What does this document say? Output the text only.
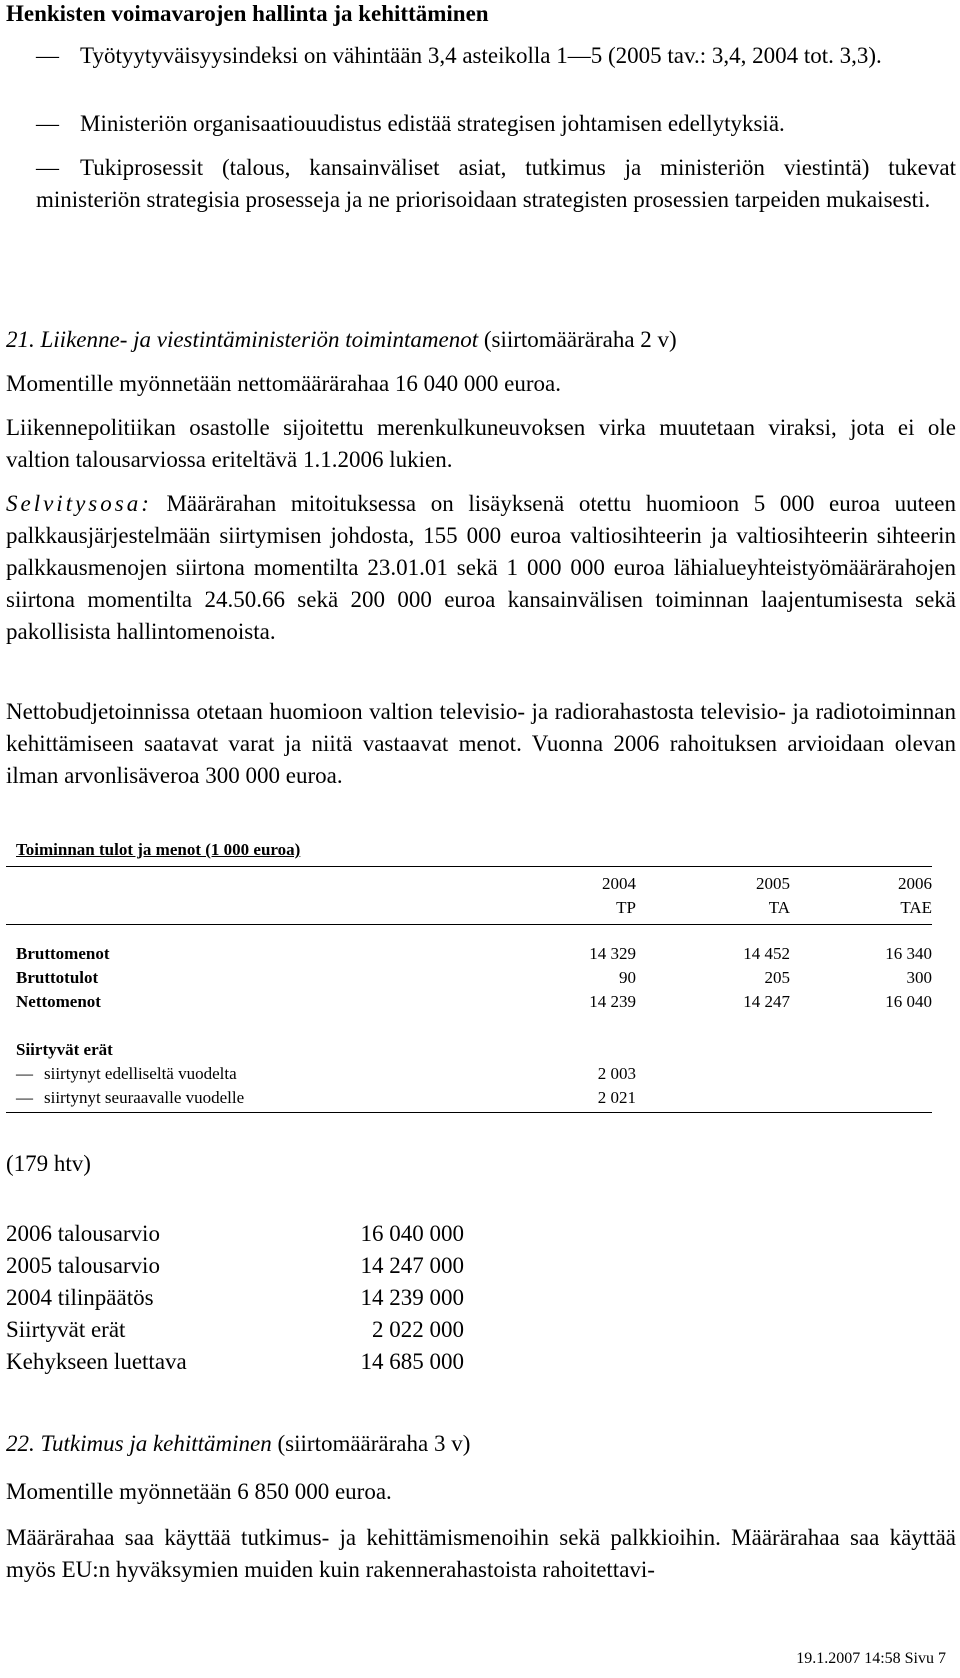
Henkisten voimavarojen hallinta ja kehittäminen

— Työtyytyväisyysindeksi on vähintään 3,4 asteikolla 1—5 (2005 tav.: 3,4, 2004 tot. 3,3).

— Ministeriön organisaatiouudistus edistää strategisen johtamisen edellytyksiä.

— Tukiprosessit (talous, kansainväliset asiat, tutkimus ja ministeriön viestintä) tukevat ministeriön strategisia prosesseja ja ne priorisoidaan strategisten prosessien tarpeiden mukaisesti.

21. Liikenne- ja viestintäministeriön toimintamenot (siirtomääräraha 2 v)

Momentille myönnetään nettomäärärahaa 16 040 000 euroa.

Liikennepolitiikan osastolle sijoitettu merenkulkuneuvoksen virka muutetaan viraksi, jota ei ole valtion talousarviossa eriteltävä 1.1.2006 lukien.

Selvitysosa: Määrärahan mitoituksessa on lisäyksenä otettu huomioon 5 000 euroa uuteen palkkausjärjestelmään siirtymisen johdosta, 155 000 euroa valtiosihteerin ja valtiosihteerin sihteerin palkkausmenojen siirtona momentilta 23.01.01 sekä 1 000 000 euroa lähialueyhteistyömäärärahojen siirtona momentilta 24.50.66 sekä 200 000 euroa kansainvälisen toiminnan laajentumisesta sekä pakollisista hallintomenoista.

Nettobudjetoinnissa otetaan huomioon valtion televisio- ja radiorahastosta televisio- ja radiotoiminnan kehittämiseen saatavat varat ja niitä vastaavat menot. Vuonna 2006 rahoituksen arvioidaan olevan ilman arvonlisäveroa 300 000 euroa.

Toiminnan tulot ja menot (1 000 euroa)
2004	2005	2006
TP	TA	TAE
Bruttomenot	14 329	14 452	16 340
Bruttotulot	90	205	300
Nettomenot	14 239	14 247	16 040
Siirtyvät erät
— siirtynyt edelliseltä vuodelta	2 003
— siirtynyt seuraavalle vuodelle	2 021

(179 htv)

2006 talousarvio	16 040 000
2005 talousarvio	14 247 000
2004 tilinpäätös	14 239 000
Siirtyvät erät	2 022 000
Kehykseen luettava	14 685 000

22. Tutkimus ja kehittäminen (siirtomääräraha 3 v)

Momentille myönnetään 6 850 000 euroa.

Määrärahaa saa käyttää tutkimus- ja kehittämismenoihin sekä palkkioihin. Määrärahaa saa käyttää myös EU:n hyväksymien muiden kuin rakennerahastoista rahoitettavi-

19.1.2007 14:58 Sivu 7
